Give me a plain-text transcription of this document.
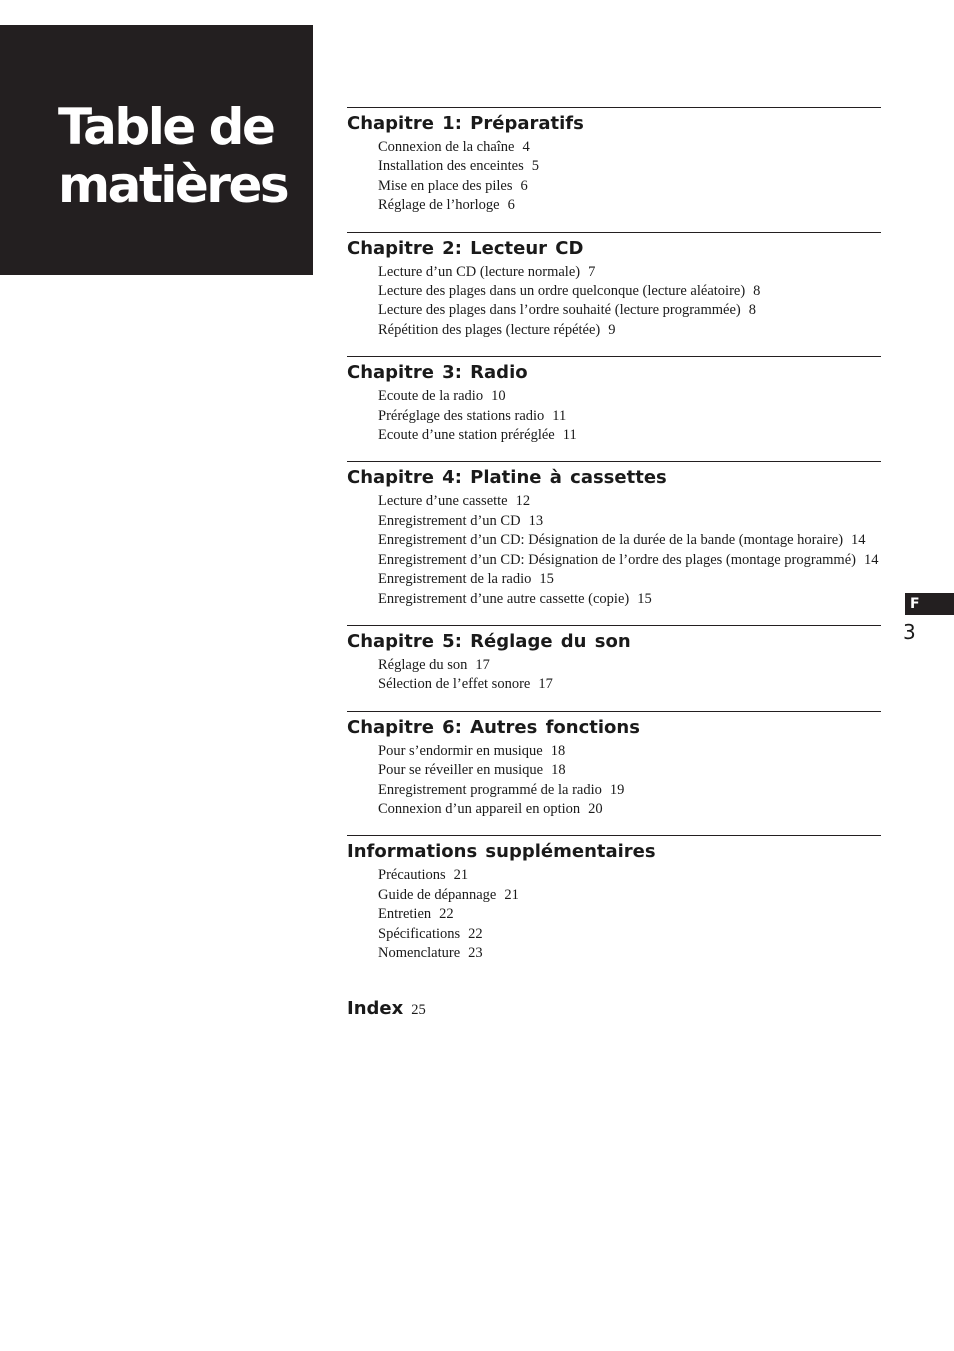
Table de
matières
Chapitre 1: Préparatifs
Connexion de la chaîne 4
Installation des enceintes 5
Mise en place des piles 6
Réglage de l’horloge 6
Chapitre 2: Lecteur CD
Lecture d’un CD (lecture normale) 7
Lecture des plages dans un ordre quelconque (lecture aléatoire) 8
Lecture des plages dans l’ordre souhaité (lecture programmée) 8
Répétition des plages (lecture répétée) 9
Chapitre 3: Radio
Ecoute de la radio 10
Préréglage des stations radio 11
Ecoute d’une station préréglée 11
Chapitre 4: Platine à cassettes
Lecture d’une cassette 12
Enregistrement d’un CD 13
Enregistrement d’un CD: Désignation de la durée de la bande (montage horaire) 14
Enregistrement d’un CD: Désignation de l’ordre des plages (montage programmé) 14
Enregistrement de la radio 15
Enregistrement d’une autre cassette (copie) 15
Chapitre 5: Réglage du son
Réglage du son 17
Sélection de l’effet sonore 17
Chapitre 6: Autres fonctions
Pour s’endormir en musique 18
Pour se réveiller en musique 18
Enregistrement programmé de la radio 19
Connexion d’un appareil en option 20
Informations supplémentaires
Précautions 21
Guide de dépannage 21
Entretien 22
Spécifications 22
Nomenclature 23
Index 25
F
3
